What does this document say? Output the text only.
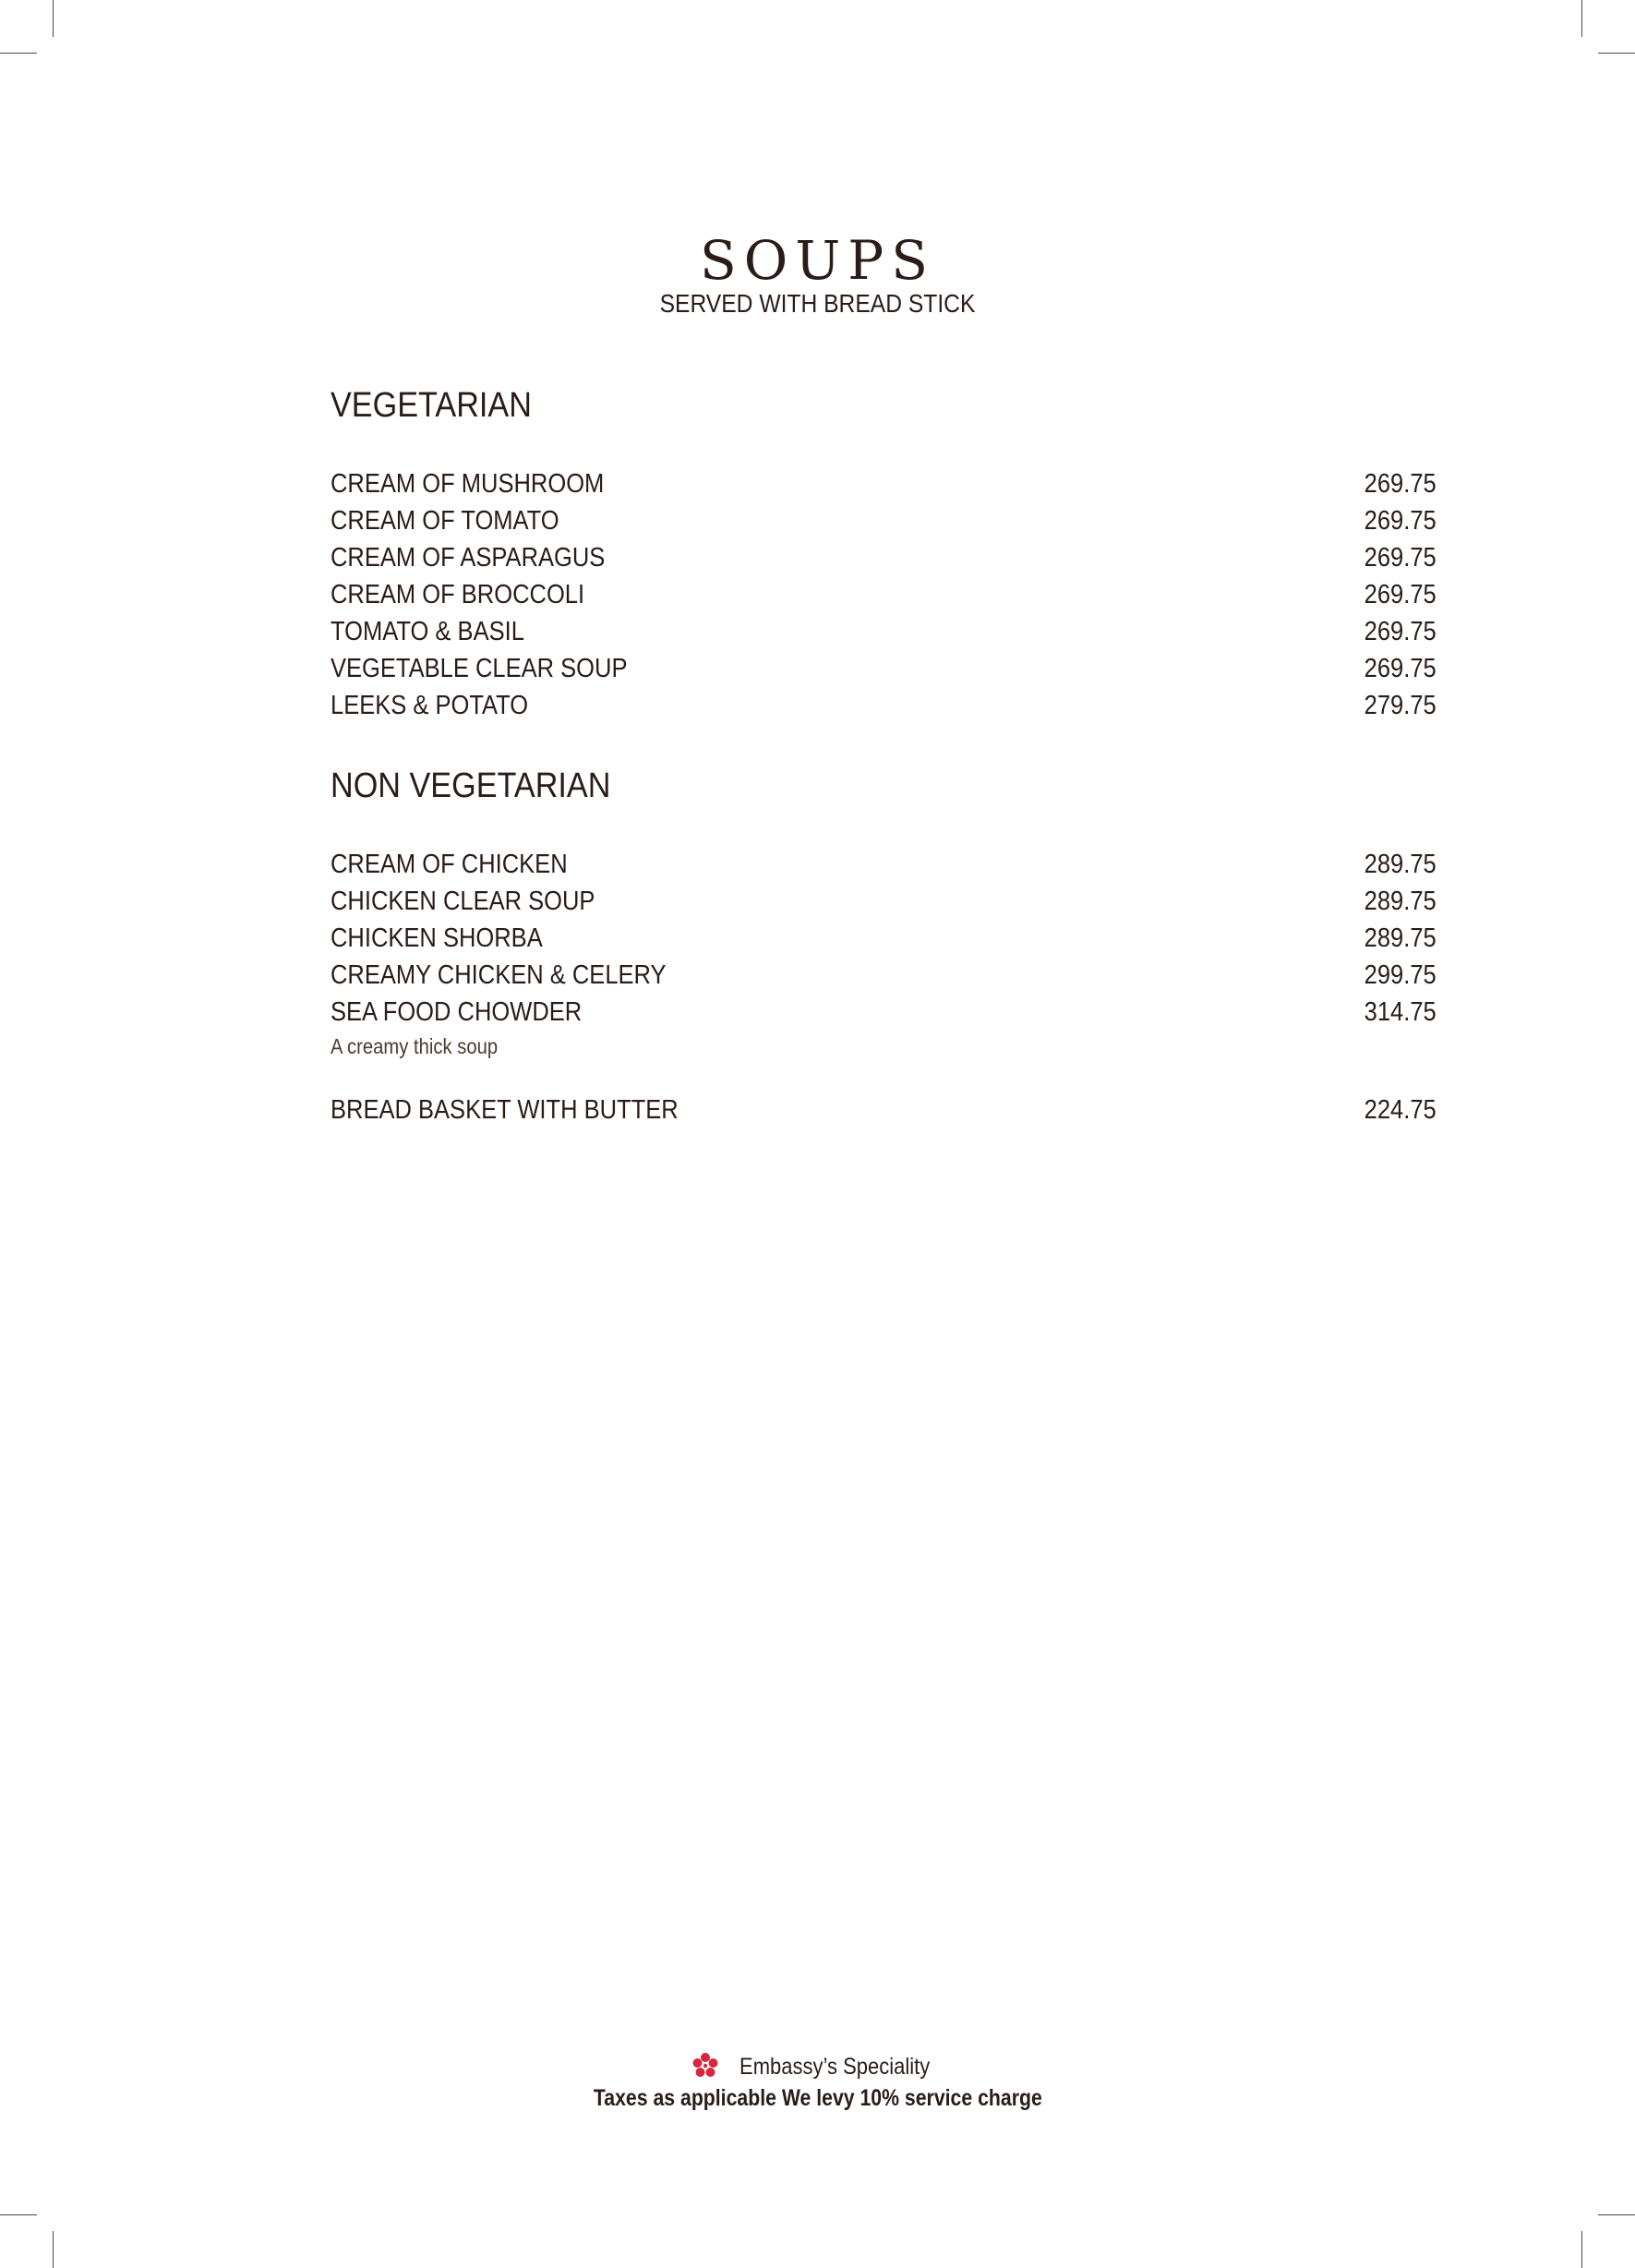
SOUPS
SERVED WITH BREAD STICK
VEGETARIAN
CREAM OF MUSHROOM	269.75
CREAM OF TOMATO	269.75
CREAM OF ASPARAGUS	269.75
CREAM OF BROCCOLI	269.75
TOMATO & BASIL	269.75
VEGETABLE CLEAR SOUP	269.75
LEEKS & POTATO	279.75
NON VEGETARIAN
CREAM OF CHICKEN	289.75
CHICKEN CLEAR SOUP	289.75
CHICKEN SHORBA	289.75
CREAMY CHICKEN & CELERY	299.75
SEA FOOD CHOWDER	314.75
A creamy thick soup
BREAD BASKET WITH BUTTER	224.75
Embassy’s Speciality
Taxes as applicable We levy 10% service charge
